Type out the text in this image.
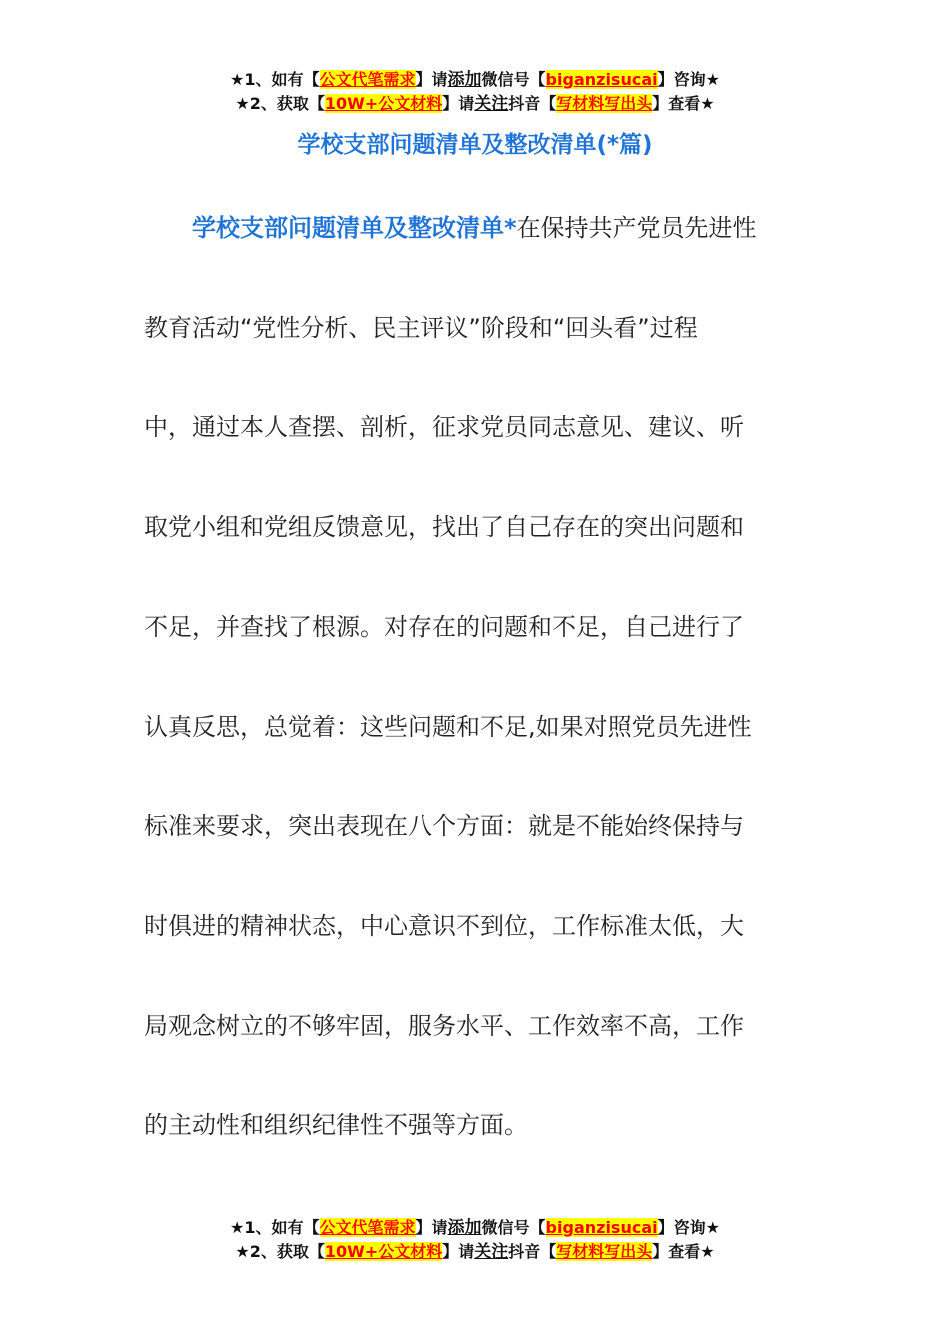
★1、如有【公文代笔需求】请添加微信号【biganzisucai】咨询★
★2、获取【10W+公文材料】请关注抖音【写材料写出头】查看★
学校支部问题清单及整改清单(*篇)
学校支部问题清单及整改清单*在保持共产党员先进性
教育活动“党性分析、民主评议”阶段和“回头看”过程
中，通过本人查摆、剖析，征求党员同志意见、建议、听
取党小组和党组反馈意见，找出了自己存在的突出问题和
不足，并查找了根源。对存在的问题和不足，自己进行了
认真反思，总觉着：这些问题和不足,如果对照党员先进性
标准来要求，突出表现在八个方面：就是不能始终保持与
时俱进的精神状态，中心意识不到位，工作标准太低，大
局观念树立的不够牢固，服务水平、工作效率不高，工作
的主动性和组织纪律性不强等方面。
★1、如有【公文代笔需求】请添加微信号【biganzisucai】咨询★
★2、获取【10W+公文材料】请关注抖音【写材料写出头】查看★
